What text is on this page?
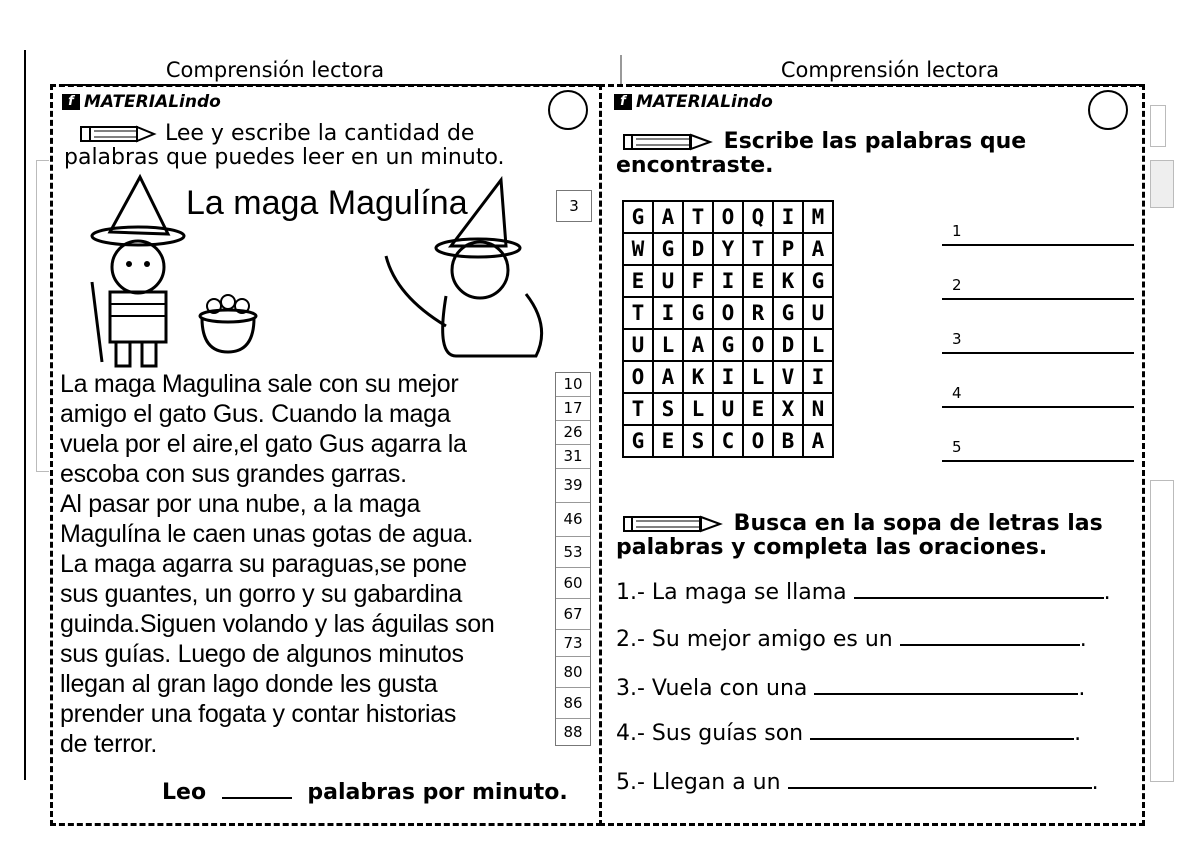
Comprensión lectora	Comprensión lectora
f MATERIALindo
Lee y escribe la cantidad de
palabras que puedes leer en un minuto.
La maga Magulína	3
La maga Magulina sale con su mejor
amigo el gato Gus. Cuando la maga
vuela por el aire,el gato Gus agarra la
escoba con sus grandes garras.
Al pasar por una nube, a la maga
Magulína le caen unas gotas de agua.
La maga agarra su paraguas,se pone
sus guantes, un gorro y su gabardina
guinda.Siguen volando y las águilas son
sus guías. Luego de algunos minutos
llegan al gran lago donde les gusta
prender una fogata y contar historias
de terror.
10
17
26
31
39
46
53
60
67
73
80
86
88
Leo	palabras por minuto.
f MATERIALindo
Escribe las palabras que
encontraste.
G	A	T	O	Q	I	M
W	G	D	Y	T	P	A
E	U	F	I	E	K	G
T	I	G	O	R	G	U
U	L	A	G	O	D	L
O	A	K	I	L	V	I
T	S	L	U	E	X	N
G	E	S	C	O	B	A
1
2
3
4
5
Busca en la sopa de letras las
palabras y completa las oraciones.
1.- La maga se llama	.
2.- Su mejor amigo es un	.
3.- Vuela con una	.
4.- Sus guías son	.
5.- Llegan a un	.
